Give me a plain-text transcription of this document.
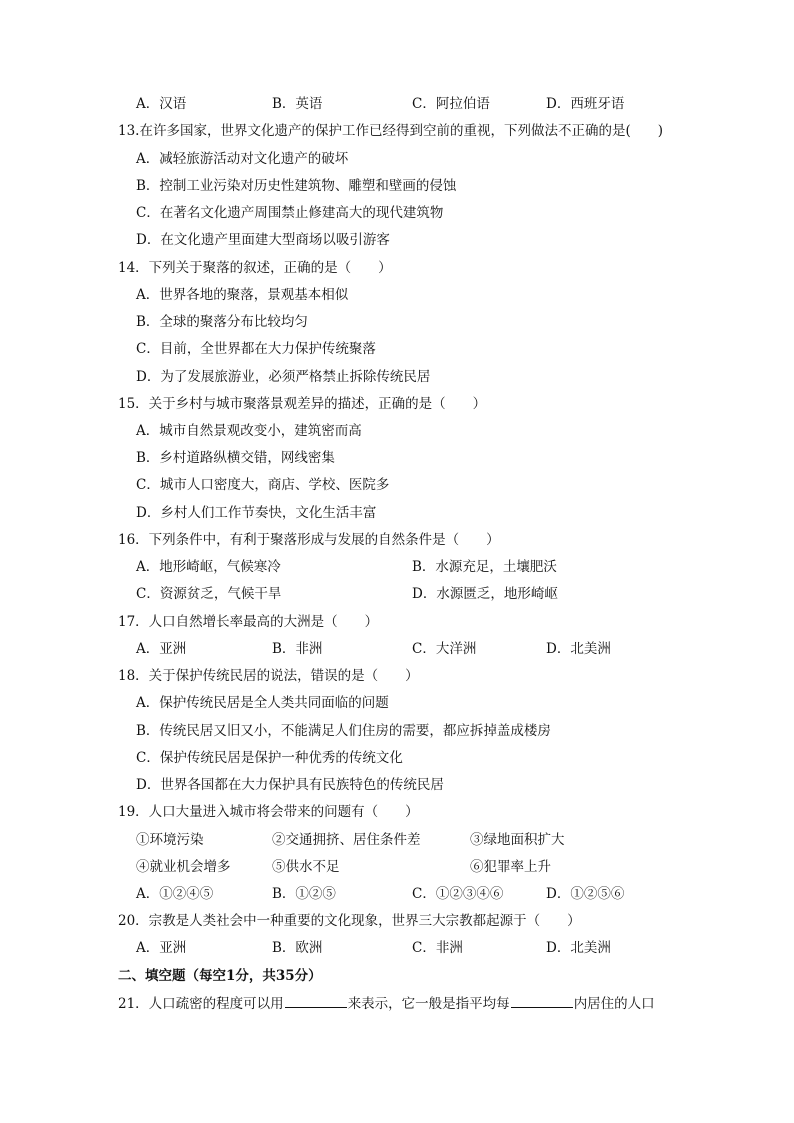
A．汉语	B．英语	C．阿拉伯语	D．西班牙语
13.在许多国家，世界文化遗产的保护工作已经得到空前的重视，下列做法不正确的是(　　)
A．减轻旅游活动对文化遗产的破坏
B．控制工业污染对历史性建筑物、雕塑和壁画的侵蚀
C．在著名文化遗产周围禁止修建高大的现代建筑物
D．在文化遗产里面建大型商场以吸引游客
14．下列关于聚落的叙述，正确的是（　　）
A．世界各地的聚落，景观基本相似
B．全球的聚落分布比较均匀
C．目前，全世界都在大力保护传统聚落
D．为了发展旅游业，必须严格禁止拆除传统民居
15．关于乡村与城市聚落景观差异的描述，正确的是（　　）
A．城市自然景观改变小，建筑密而高
B．乡村道路纵横交错，网线密集
C．城市人口密度大，商店、学校、医院多
D．乡村人们工作节奏快，文化生活丰富
16．下列条件中，有利于聚落形成与发展的自然条件是（　　）
A．地形崎岖，气候寒冷	B．水源充足，土壤肥沃
C．资源贫乏，气候干旱	D．水源匮乏，地形崎岖
17．人口自然增长率最高的大洲是（　　）
A．亚洲	B．非洲	C．大洋洲	D．北美洲
18．关于保护传统民居的说法，错误的是（　　）
A．保护传统民居是全人类共同面临的问题
B．传统民居又旧又小，不能满足人们住房的需要，都应拆掉盖成楼房
C．保护传统民居是保护一种优秀的传统文化
D．世界各国都在大力保护具有民族特色的传统民居
19．人口大量进入城市将会带来的问题有（　　）
①环境污染	②交通拥挤、居住条件差	③绿地面积扩大
④就业机会增多	⑤供水不足	⑥犯罪率上升
A．①②④⑤	B．①②⑤	C．①②③④⑥	D．①②⑤⑥
20．宗教是人类社会中一种重要的文化现象，世界三大宗教都起源于（　　）
A．亚洲	B．欧洲	C．非洲	D．北美洲
二、填空题（每空1分，共35分）
21．人口疏密的程度可以用	来表示，它一般是指平均每	内居住的人口
